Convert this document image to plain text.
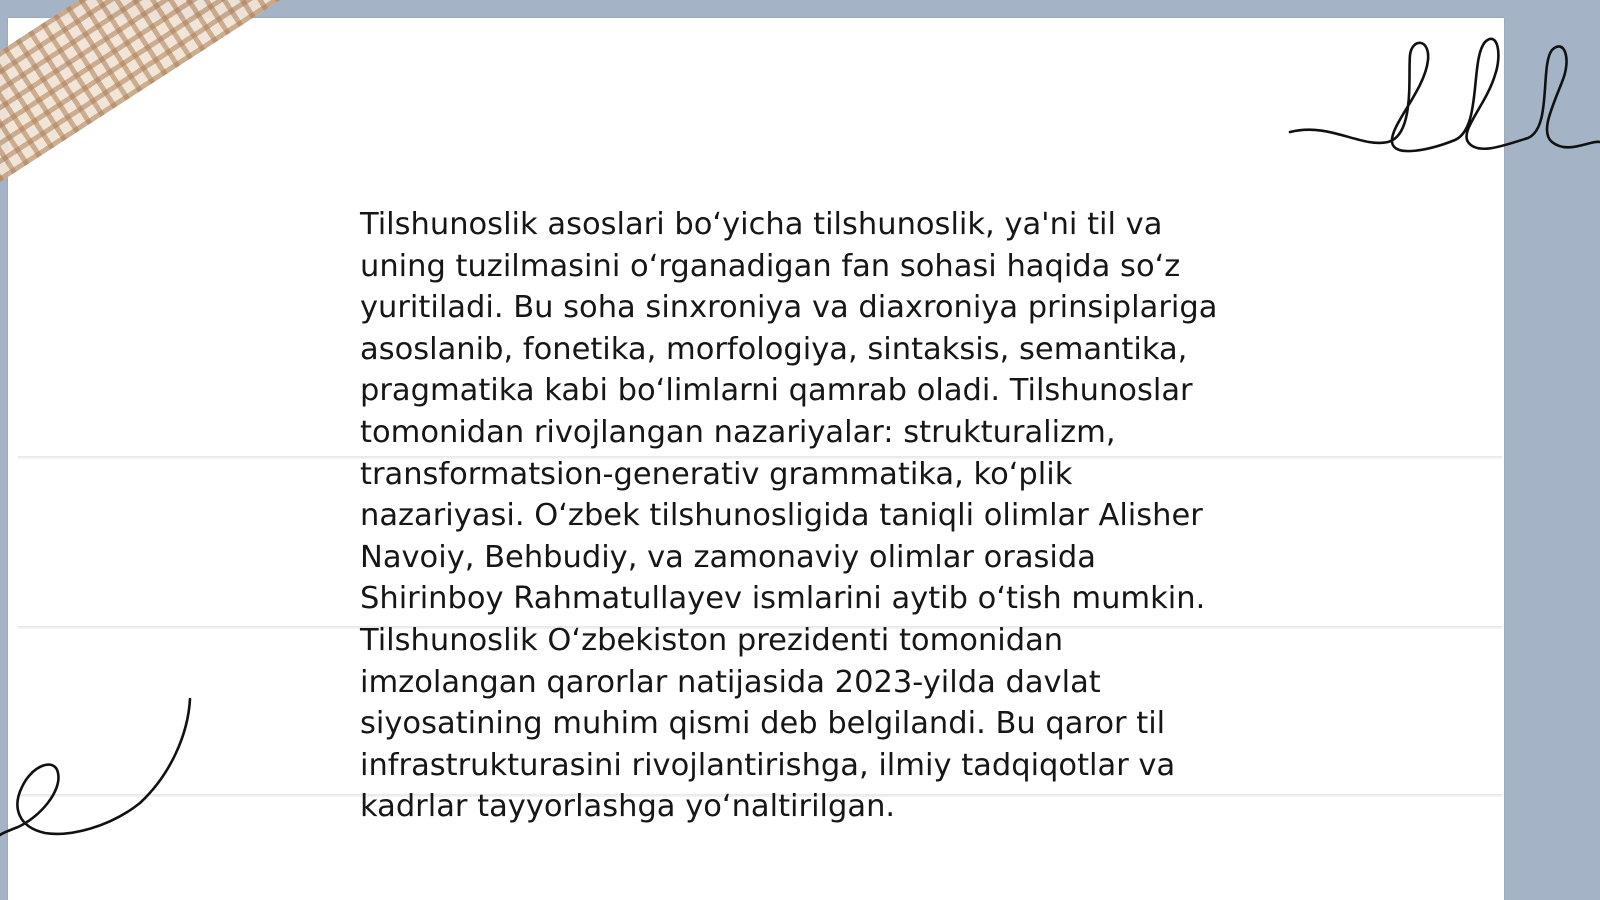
Tilshunoslik asoslari bo‘yicha tilshunoslik, ya'ni til va uning tuzilmasini o‘rganadigan fan sohasi haqida so‘z yuritiladi. Bu soha sinxroniya va diaxroniya prinsiplariga asoslanib, fonetika, morfologiya, sintaksis, semantika, pragmatika kabi bo‘limlarni qamrab oladi. Tilshunoslar tomonidan rivojlangan nazariyalar: strukturalizm, transformatsion-generativ grammatika, ko‘plik nazariyasi. O‘zbek tilshunosligida taniqli olimlar Alisher Navoiy, Behbudiy, va zamonaviy olimlar orasida Shirinboy Rahmatullayev ismlarini aytib o‘tish mumkin. Tilshunoslik O‘zbekiston prezidenti tomonidan imzolangan qarorlar natijasida 2023-yilda davlat siyosatining muhim qismi deb belgilandi. Bu qaror til infrastrukturasini rivojlantirishga, ilmiy tadqiqotlar va kadrlar tayyorlashga yo‘naltirilgan.
